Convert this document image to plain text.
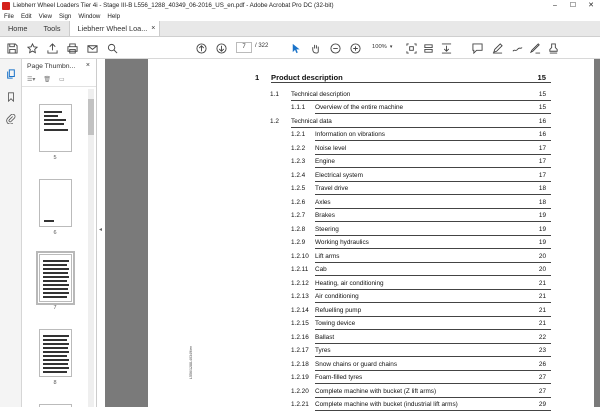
Liebherr Wheel Loaders Tier 4i - Stage III-B L556_1288_40349_06-2016_US_en.pdf - Adobe Acrobat Pro DC (32-bit)	–	☐	✕
File Edit View Sign Window Help
Home	Tools	Liebherr Wheel Loa... ×
7	/ 322	100% ▾
Page Thumbn... ×
☰▾ 🗑 ▭
5
6
7
8
◂
L556/1288-40349/en
1 Product description	15
1.1 Technical description	15
1.1.1 Overview of the entire machine	15
1.2 Technical data	16
1.2.1 Information on vibrations	16
1.2.2 Noise level	17
1.2.3 Engine	17
1.2.4 Electrical system	17
1.2.5 Travel drive	18
1.2.6 Axles	18
1.2.7 Brakes	19
1.2.8 Steering	19
1.2.9 Working hydraulics	19
1.2.10 Lift arms	20
1.2.11 Cab	20
1.2.12 Heating, air conditioning	21
1.2.13 Air conditioning	21
1.2.14 Refuelling pump	21
1.2.15 Towing device	21
1.2.16 Ballast	22
1.2.17 Tyres	23
1.2.18 Snow chains or guard chains	26
1.2.19 Foam-filled tyres	27
1.2.20 Complete machine with bucket (Z lift arms)	27
1.2.21 Complete machine with bucket (industrial lift arms)	29
